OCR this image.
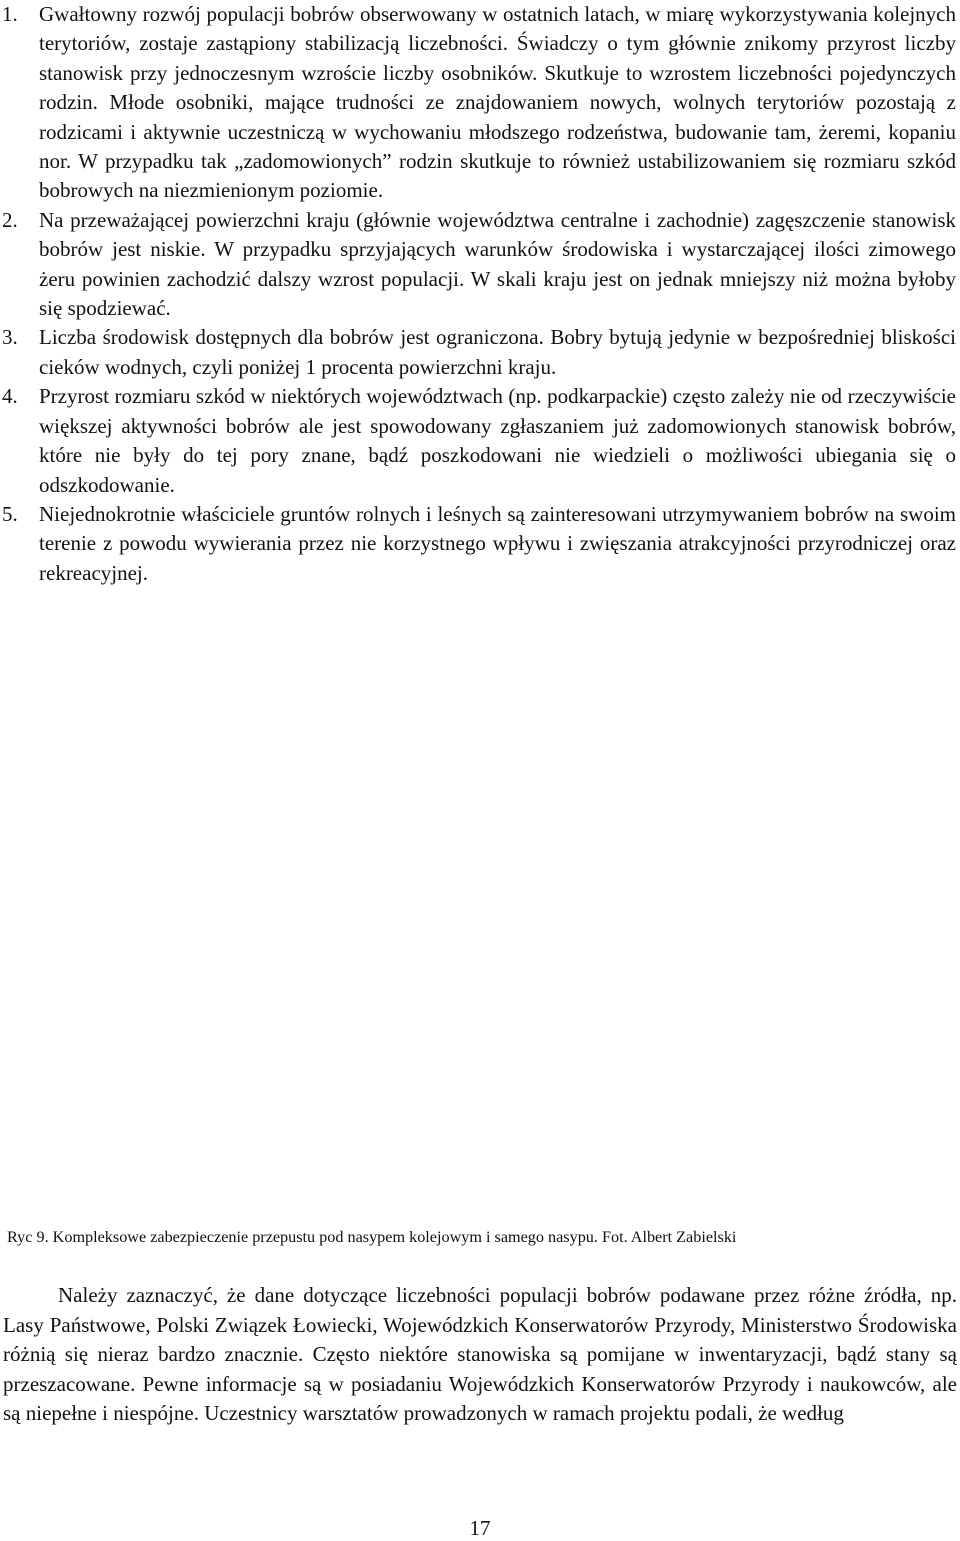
1.	Gwałtowny rozwój populacji bobrów obserwowany w ostatnich latach, w miarę wykorzystywania kolejnych terytoriów, zostaje zastąpiony stabilizacją liczebności. Świadczy o tym głównie znikomy przyrost liczby stanowisk przy jednoczesnym wzroście liczby osobników. Skutkuje to wzrostem liczebności pojedynczych rodzin. Młode osobniki, mające trudności ze znajdowaniem nowych, wolnych terytoriów pozostają z rodzicami i aktywnie uczestniczą w wychowaniu młodszego rodzeństwa, budowanie tam, żeremi, kopaniu nor. W przypadku tak „zadomowionych” rodzin skutkuje to również ustabilizowaniem się rozmiaru szkód bobrowych na niezmienionym poziomie.
2.	Na przeważającej powierzchni kraju (głównie województwa centralne i zachodnie) zagęszczenie stanowisk bobrów jest niskie. W przypadku sprzyjających warunków środowiska i wystarczającej ilości zimowego żeru powinien zachodzić dalszy wzrost populacji. W skali kraju jest on jednak mniejszy niż można byłoby się spodziewać.
3.	Liczba środowisk dostępnych dla bobrów jest ograniczona. Bobry bytują jedynie w bezpośredniej bliskości cieków wodnych, czyli poniżej 1 procenta powierzchni kraju.
4.	Przyrost rozmiaru szkód w niektórych województwach (np. podkarpackie) często zależy nie od rzeczywiście większej aktywności bobrów ale jest spowodowany zgłaszaniem już zadomowionych stanowisk bobrów, które nie były do tej pory znane, bądź poszkodowani nie wiedzieli o możliwości ubiegania się o odszkodowanie.
5.	Niejednokrotnie właściciele gruntów rolnych i leśnych są zainteresowani utrzymywaniem bobrów na swoim terenie z powodu wywierania przez nie korzystnego wpływu i zwięszania atrakcyjności przyrodniczej oraz rekreacyjnej.
Ryc 9. Kompleksowe zabezpieczenie przepustu pod nasypem kolejowym i samego nasypu. Fot. Albert Zabielski

Należy zaznaczyć, że dane dotyczące liczebności populacji bobrów podawane przez różne źródła, np. Lasy Państwowe, Polski Związek Łowiecki, Wojewódzkich Konserwatorów Przyrody, Ministerstwo Środowiska różnią się nieraz bardzo znacznie. Często niektóre stanowiska są pomijane w inwentaryzacji, bądź stany są przeszacowane. Pewne informacje są w posiadaniu Wojewódzkich Konserwatorów Przyrody i naukowców, ale są niepełne i niespójne. Uczestnicy warsztatów prowadzonych w ramach projektu podali, że według

17
